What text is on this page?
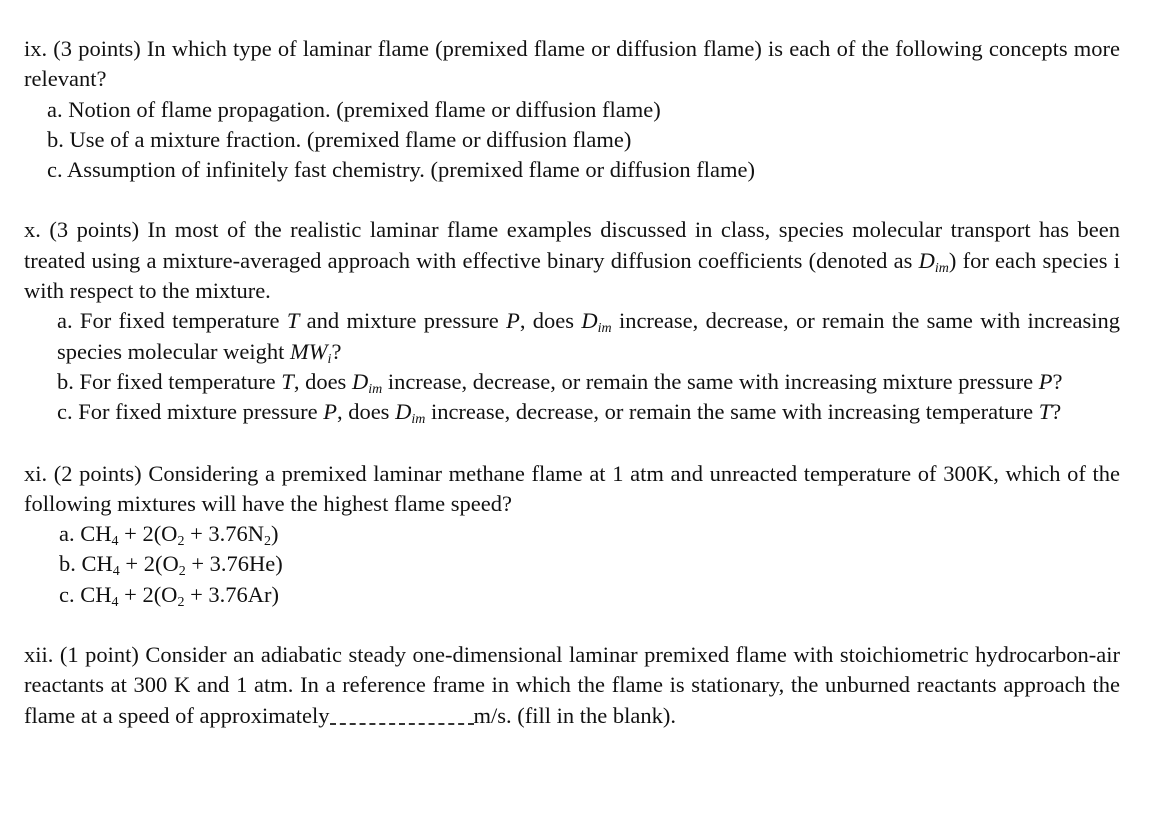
ix. (3 points) In which type of laminar flame (premixed flame or diffusion flame) is each of the following concepts more relevant?

a. Notion of flame propagation. (premixed flame or diffusion flame)

b. Use of a mixture fraction. (premixed flame or diffusion flame)

c. Assumption of infinitely fast chemistry. (premixed flame or diffusion flame)

x. (3 points) In most of the realistic laminar flame examples discussed in class, species molecular transport has been treated using a mixture-averaged approach with effective binary diffusion coefficients (denoted as $D_{im}$) for each species i with respect to the mixture.

a. For fixed temperature T and mixture pressure P, does $D_{im}$ increase, decrease, or remain the same with increasing species molecular weight $MW_i$?

b. For fixed temperature T, does $D_{im}$ increase, decrease, or remain the same with increasing mixture pressure P?

c. For fixed mixture pressure P, does $D_{im}$ increase, decrease, or remain the same with increasing temperature T?

xi. (2 points) Considering a premixed laminar methane flame at 1 atm and unreacted temperature of 300K, which of the following mixtures will have the highest flame speed?

a. $CH_4 + 2(O_2 + 3.76N_2)$

b. $CH_4 + 2(O_2 + 3.76He)$

c. $CH_4 + 2(O_2 + 3.76Ar)$

xii. (1 point) Consider an adiabatic steady one-dimensional laminar premixed flame with stoichiometric hydrocarbon-air reactants at 300 K and 1 atm. In a reference frame in which the flame is stationary, the unburned reactants approach the flame at a speed of approximately	m/s. (fill in the blank).
